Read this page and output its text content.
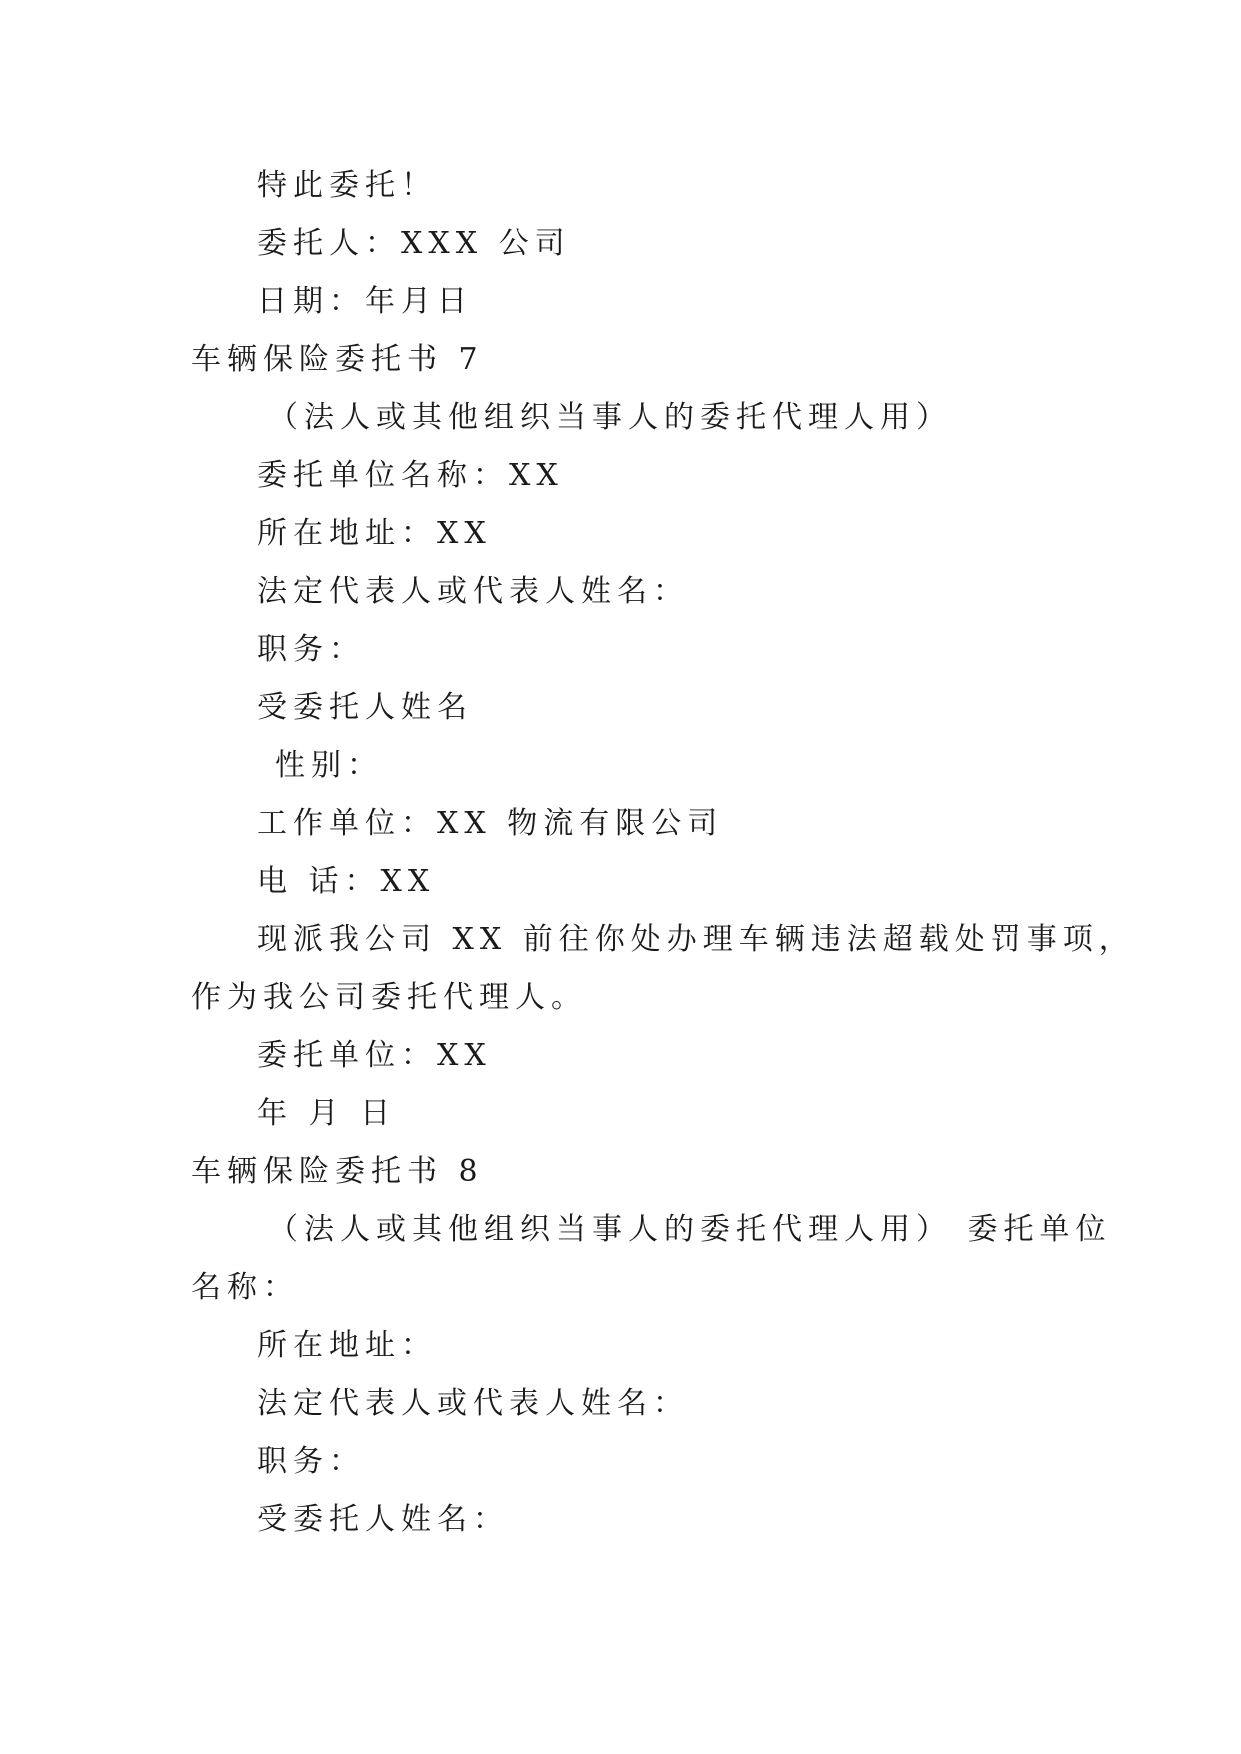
特此委托！
委托人：XXX 公司
日期：年月日
车辆保险委托书 7
（法人或其他组织当事人的委托代理人用）
委托单位名称：XX
所在地址：XX
法定代表人或代表人姓名：
职务：
受委托人姓名
性别：
工作单位：XX 物流有限公司
电 话：XX
现派我公司 XX 前往你处办理车辆违法超载处罚事项，
作为我公司委托代理人。
委托单位：XX
年 月 日
车辆保险委托书 8
（法人或其他组织当事人的委托代理人用） 委托单位
名称：
所在地址：
法定代表人或代表人姓名：
职务：
受委托人姓名：
